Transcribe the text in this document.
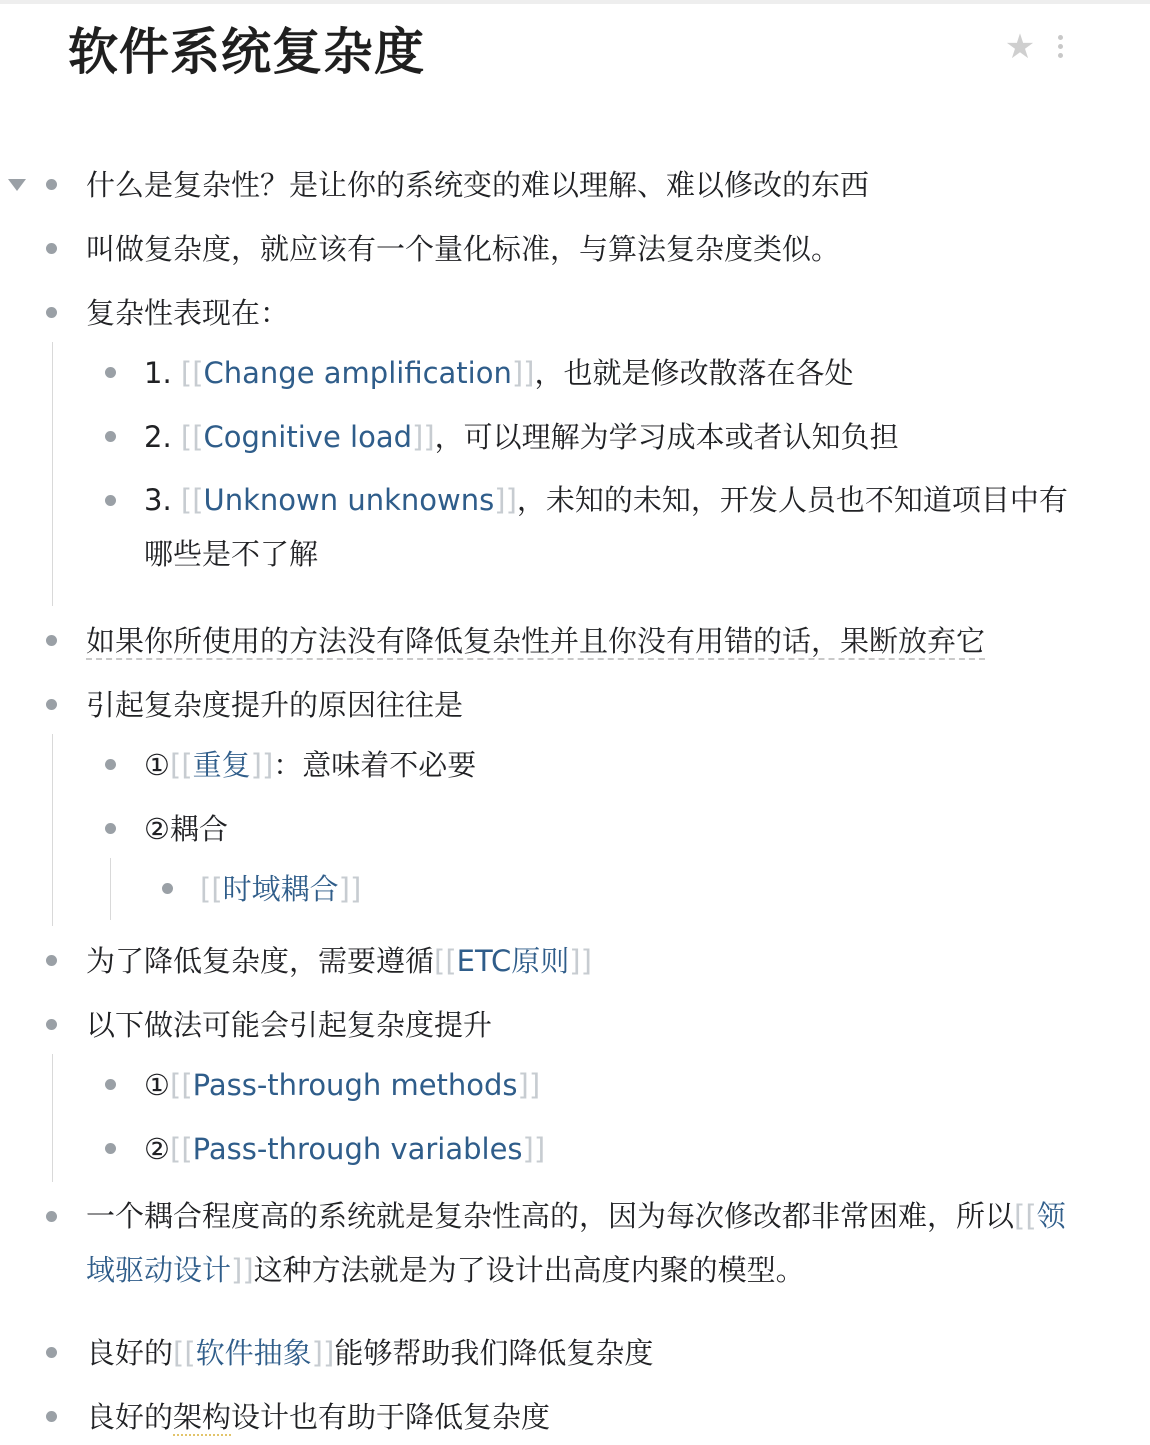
软件系统复杂度	★
什么是复杂性？是让你的系统变的难以理解、难以修改的东西
叫做复杂度，就应该有一个量化标准，与算法复杂度类似。
复杂性表现在：
1. [[Change amplification]]，也就是修改散落在各处
2. [[Cognitive load]]，可以理解为学习成本或者认知负担
3. [[Unknown unknowns]]，未知的未知，开发人员也不知道项目中有哪些是不了解
如果你所使用的方法没有降低复杂性并且你没有用错的话，果断放弃它
引起复杂度提升的原因往往是
①[[重复]]：意味着不必要
②耦合
[[时域耦合]]
为了降低复杂度，需要遵循[[ETC原则]]
以下做法可能会引起复杂度提升
①[[Pass-through methods]]
②[[Pass-through variables]]
一个耦合程度高的系统就是复杂性高的，因为每次修改都非常困难，所以[[领域驱动设计]]这种方法就是为了设计出高度内聚的模型。
良好的[[软件抽象]]能够帮助我们降低复杂度
良好的架构设计也有助于降低复杂度
